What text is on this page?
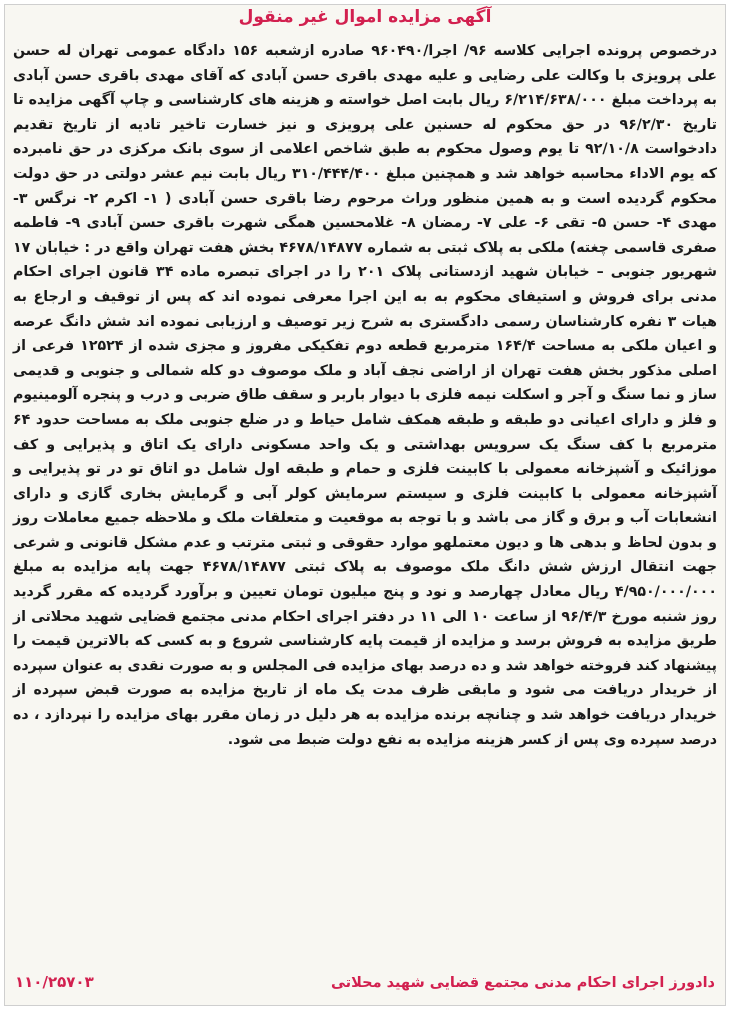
آگهی مزایده اموال غیر منقول

درخصوص پرونده اجرایی کلاسه ۹۶/ اجرا/۹۶۰۴۹۰ صادره ازشعبه ۱۵۶ دادگاه عمومی تهران له حسن علی پرویزی با وکالت علی رضایی و علیه مهدی باقری حسن آبادی که آقای مهدی باقری حسن آبادی به پرداخت مبلغ ۶/۲۱۴/۶۳۸/۰۰۰ ریال بابت اصل خواسته و هزینه های کارشناسی و چاپ آگهی مزایده تا تاریخ ۹۶/۲/۳۰ در حق محکوم له حسنین علی پرویزی و نیز خسارت تاخیر تادیه از تاریخ تقدیم دادخواست ۹۲/۱۰/۸ تا یوم وصول محکوم به طبق شاخص اعلامی از سوی بانک مرکزی در حق نامبرده که یوم الاداء محاسبه خواهد شد و همچنین مبلغ ۳۱۰/۴۴۴/۴۰۰ ریال بابت نیم عشر دولتی در حق دولت محکوم گردیده است و به همین منظور وراث مرحوم رضا باقری حسن آبادی ( ۱- اکرم ۲- نرگس ۳- مهدی ۴- حسن ۵- تقی ۶- علی ۷- رمضان ۸- غلامحسین همگی شهرت باقری حسن آبادی ۹- فاطمه صفری قاسمی چغته) ملکی به پلاک ثبتی به شماره ۴۶۷۸/۱۴۸۷۷ بخش هفت تهران واقع در : خیابان ۱۷ شهریور جنوبی – خیابان شهید ازدستانی پلاک ۲۰۱ را در اجرای تبصره ماده ۳۴ قانون اجرای احکام مدنی برای فروش و استیفای محکوم به به این اجرا معرفی نموده اند که پس از توقیف و ارجاع به هیات ۳ نفره کارشناسان رسمی دادگستری به شرح زیر توصیف و ارزیابی نموده اند شش دانگ عرصه و اعیان ملکی به مساحت ۱۶۴/۴ مترمربع قطعه دوم تفکیکی مفروز و مجزی شده از ۱۲۵۲۴ فرعی از اصلی مذکور بخش هفت تهران از اراضی نجف آباد و ملک موصوف دو کله شمالی و جنوبی و قدیمی ساز و نما سنگ و آجر و اسکلت نیمه فلزی با دیوار باربر و سقف طاق ضربی و درب و پنجره آلومینیوم و فلز و دارای اعیانی دو طبقه و طبقه همکف شامل حیاط و در ضلع جنوبی ملک به مساحت حدود ۶۴ مترمربع با کف سنگ یک سرویس بهداشتی و یک واحد مسکونی دارای یک اتاق و پذیرایی و کف موزائیک و آشپزخانه معمولی با کابینت فلزی و حمام و طبقه اول شامل دو اتاق تو در تو پذیرایی و آشپزخانه معمولی با کابینت فلزی و سیستم سرمایش کولر آبی و گرمایش بخاری گازی و دارای انشعابات آب و برق و گاز می باشد و با توجه به موقعیت و متعلقات ملک و ملاحظه جمیع معاملات روز و بدون لحاظ و بدهی ها و دیون معتملهو موارد حقوقی و ثبتی مترتب و عدم مشکل قانونی و شرعی جهت انتقال ارزش شش دانگ ملک موصوف به پلاک ثبتی ۴۶۷۸/۱۴۸۷۷ جهت پایه مزایده به مبلغ ۴/۹۵۰/۰۰۰/۰۰۰ ریال معادل چهارصد و نود و پنج میلیون تومان تعیین و برآورد گردیده که مقرر گردید روز شنبه مورخ ۹۶/۴/۳ از ساعت ۱۰ الی ۱۱ در دفتر اجرای احکام مدنی مجتمع قضایی شهید محلاتی از طریق مزایده به فروش برسد و مزایده از قیمت پایه کارشناسی شروع و به کسی که بالاترین قیمت را پیشنهاد کند فروخته خواهد شد و ده درصد بهای مزایده فی المجلس و به صورت نقدی به عنوان سپرده از خریدار دریافت می شود و مابقی ظرف مدت یک ماه از تاریخ مزایده به صورت قبض سپرده از خریدار دریافت خواهد شد و چنانچه برنده مزایده به هر دلیل در زمان مقرر بهای مزایده را نپردازد ، ده درصد سپرده وی پس از کسر هزینه مزایده به نفع دولت ضبط می شود.

دادورز اجرای احکام مدنی مجتمع قضایی شهید محلاتی
۱۱۰/۲۵۷۰۳
